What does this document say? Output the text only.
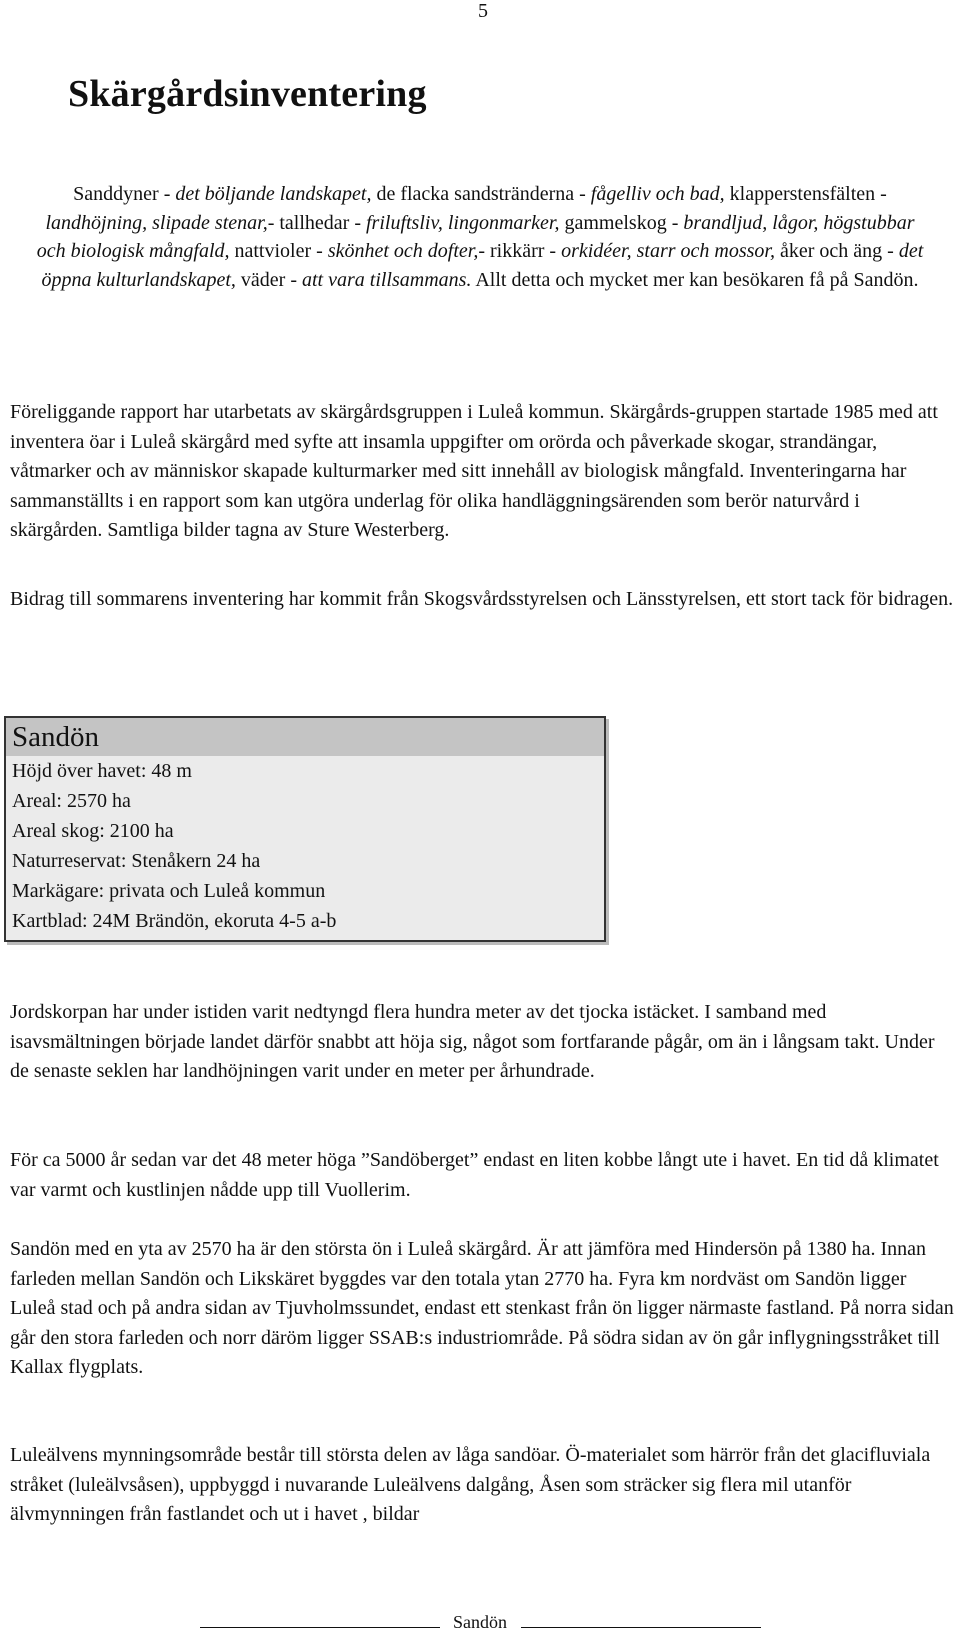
5
Skärgårdsinventering
Sanddyner - det böljande landskapet, de flacka sandstränderna - fågelliv och bad, klapperstensfälten - landhöjning, slipade stenar,- tallhedar - friluftsliv, lingonmarker, gammelskog - brandljud, lågor, högstubbar och biologisk mångfald, nattvioler - skönhet och dofter,- rikkärr - orkidéer, starr och mossor, åker och äng - det öppna kulturlandskapet, väder - att vara tillsammans. Allt detta och mycket mer kan besökaren få på Sandön.

Föreliggande rapport har utarbetats av skärgårdsgruppen i Luleå kommun. Skärgårds-gruppen startade 1985 med att inventera öar i Luleå skärgård med syfte att insamla uppgifter om orörda och påverkade skogar, strandängar, våtmarker och av människor skapade kulturmarker med sitt innehåll av biologisk mångfald. Inventeringarna har sammanställts i en rapport som kan utgöra underlag för olika handläggningsärenden som berör naturvård i skärgården. Samtliga bilder tagna av Sture Westerberg.

Bidrag till sommarens inventering har kommit från Skogsvårdsstyrelsen och Länsstyrelsen, ett stort tack för bidragen.

Sandön
Höjd över havet: 48 m
Areal: 2570 ha
Areal skog: 2100 ha
Naturreservat: Stenåkern 24 ha
Markägare: privata och Luleå kommun
Kartblad: 24M Brändön, ekoruta 4-5 a-b

Jordskorpan har under istiden varit nedtyngd flera hundra meter av det tjocka istäcket. I samband med isavsmältningen började landet därför snabbt att höja sig, något som fortfarande pågår, om än i långsam takt. Under de senaste seklen har landhöjningen varit under en meter per århundrade.

För ca 5000 år sedan var det 48 meter höga ”Sandöberget” endast en liten kobbe långt ute i havet. En tid då klimatet var varmt och kustlinjen nådde upp till Vuollerim.

Sandön med en yta av 2570 ha är den största ön i Luleå skärgård. Är att jämföra med Hindersön på 1380 ha. Innan farleden mellan Sandön och Likskäret byggdes var den totala ytan 2770 ha. Fyra km nordväst om Sandön ligger Luleå stad och på andra sidan av Tjuvholmssundet, endast ett stenkast från ön ligger närmaste fastland. På norra sidan går den stora farleden och norr däröm ligger SSAB:s industriområde. På södra sidan av ön går inflygningsstråket till Kallax flygplats.

Luleälvens mynningsområde består till största delen av låga sandöar. Ö-materialet som härrör från det glacifluviala stråket (luleälvsåsen), uppbyggd i nuvarande Luleälvens dalgång, Åsen som sträcker sig flera mil utanför älvmynningen från fastlandet och ut i havet , bildar

Sandön
